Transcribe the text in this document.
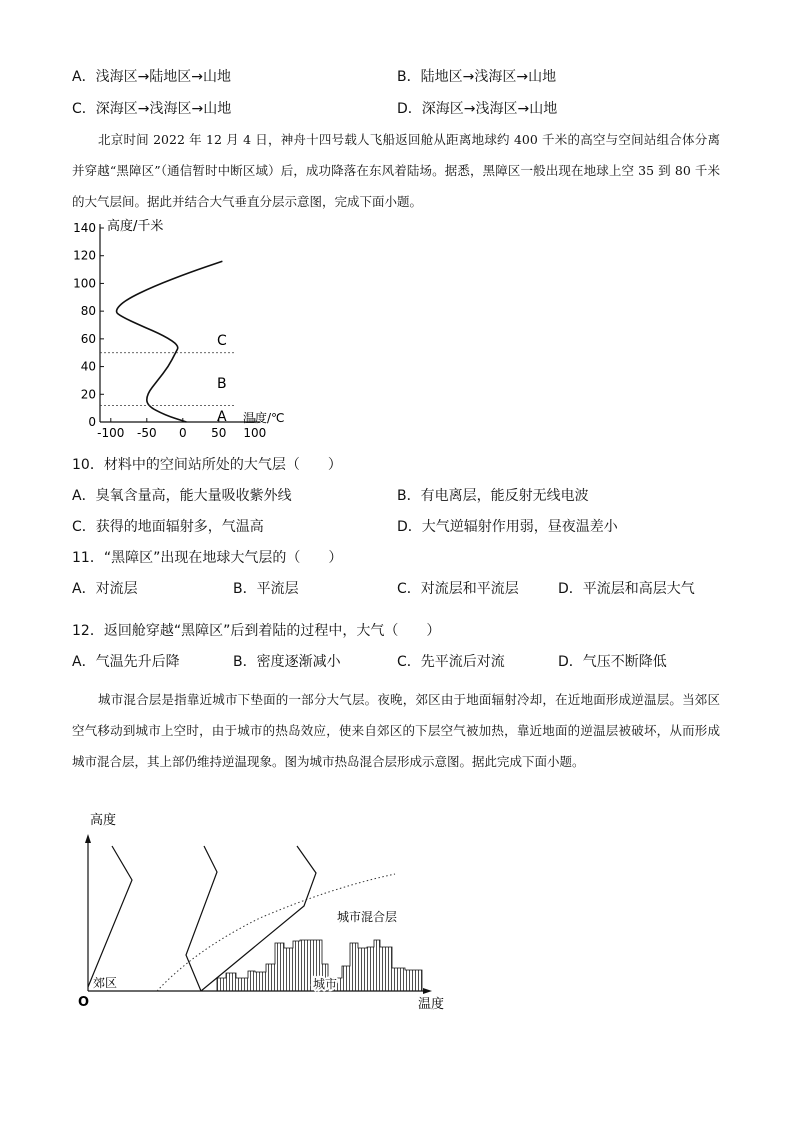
A．浅海区→陆地区→山地	B．陆地区→浅海区→山地
C．深海区→浅海区→山地	D．深海区→浅海区→山地
北京时间 2022 年 12 月 4 日，神舟十四号载人飞船返回舱从距离地球约 400 千米的高空与空间站组合体分离并穿越“黑障区”（通信暂时中断区域）后，成功降落在东风着陆场。据悉，黑障区一般出现在地球上空 35 到 80 千米的大气层间。据此并结合大气垂直分层示意图，完成下面小题。
0
20
40
60
80
100
120
140
-100 -50 0 50 100
高度/千米
温度/℃
A
B
C
10．材料中的空间站所处的大气层（　　）
A．臭氧含量高，能大量吸收紫外线	B．有电离层，能反射无线电波
C．获得的地面辐射多，气温高	D．大气逆辐射作用弱，昼夜温差小
11．“黑障区”出现在地球大气层的（　　）
A．对流层	B．平流层	C．对流层和平流层	D．平流层和高层大气
12．返回舱穿越“黑障区”后到着陆的过程中，大气（　　）
A．气温先升后降	B．密度逐渐减小	C．先平流后对流	D．气压不断降低
城市混合层是指靠近城市下垫面的一部分大气层。夜晚，郊区由于地面辐射冷却，在近地面形成逆温层。当郊区空气移动到城市上空时，由于城市的热岛效应，使来自郊区的下层空气被加热，靠近地面的逆温层被破坏，从而形成城市混合层，其上部仍维持逆温现象。图为城市热岛混合层形成示意图。据此完成下面小题。
高度
温度
O
郊区	城市
城市混合层
